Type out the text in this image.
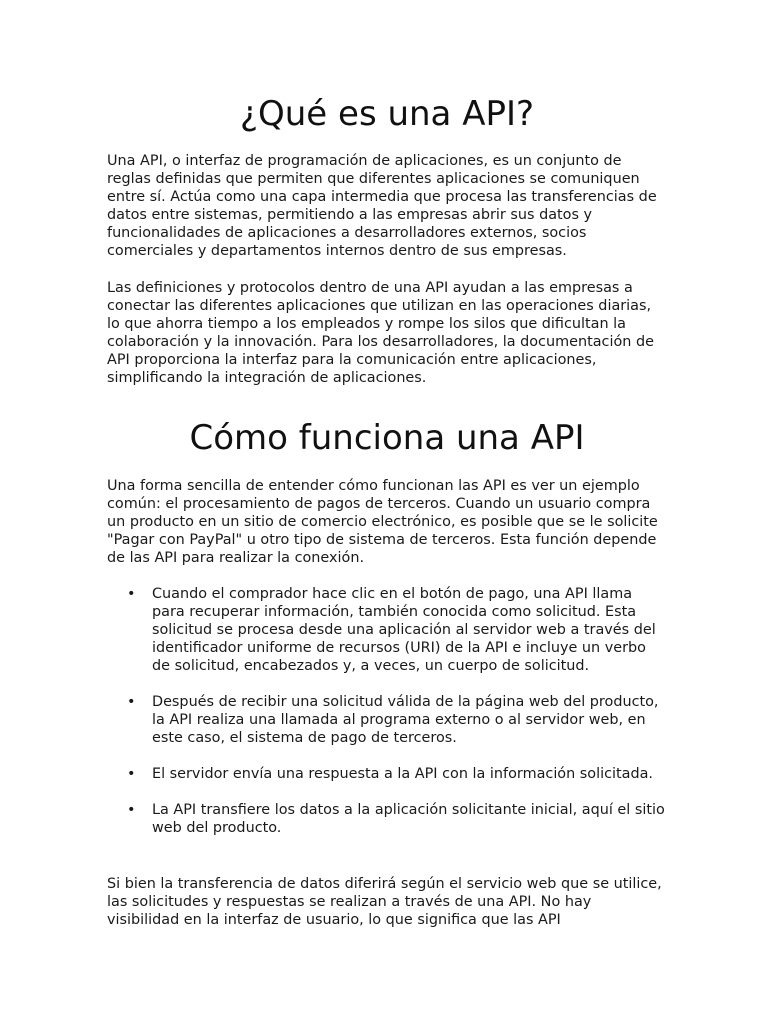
¿Qué es una API?

Una API, o interfaz de programación de aplicaciones, es un conjunto de reglas definidas que permiten que diferentes aplicaciones se comuniquen entre sí. Actúa como una capa intermedia que procesa las transferencias de datos entre sistemas, permitiendo a las empresas abrir sus datos y funcionalidades de aplicaciones a desarrolladores externos, socios comerciales y departamentos internos dentro de sus empresas.

Las definiciones y protocolos dentro de una API ayudan a las empresas a conectar las diferentes aplicaciones que utilizan en las operaciones diarias, lo que ahorra tiempo a los empleados y rompe los silos que dificultan la colaboración y la innovación. Para los desarrolladores, la documentación de API proporciona la interfaz para la comunicación entre aplicaciones, simplificando la integración de aplicaciones.

Cómo funciona una API

Una forma sencilla de entender cómo funcionan las API es ver un ejemplo común: el procesamiento de pagos de terceros. Cuando un usuario compra un producto en un sitio de comercio electrónico, es posible que se le solicite "Pagar con PayPal" u otro tipo de sistema de terceros. Esta función depende de las API para realizar la conexión.

• Cuando el comprador hace clic en el botón de pago, una API llama para recuperar información, también conocida como solicitud. Esta solicitud se procesa desde una aplicación al servidor web a través del identificador uniforme de recursos (URI) de la API e incluye un verbo de solicitud, encabezados y, a veces, un cuerpo de solicitud.
• Después de recibir una solicitud válida de la página web del producto, la API realiza una llamada al programa externo o al servidor web, en este caso, el sistema de pago de terceros.
• El servidor envía una respuesta a la API con la información solicitada.
• La API transfiere los datos a la aplicación solicitante inicial, aquí el sitio web del producto.

Si bien la transferencia de datos diferirá según el servicio web que se utilice, las solicitudes y respuestas se realizan a través de una API. No hay visibilidad en la interfaz de usuario, lo que significa que las API
